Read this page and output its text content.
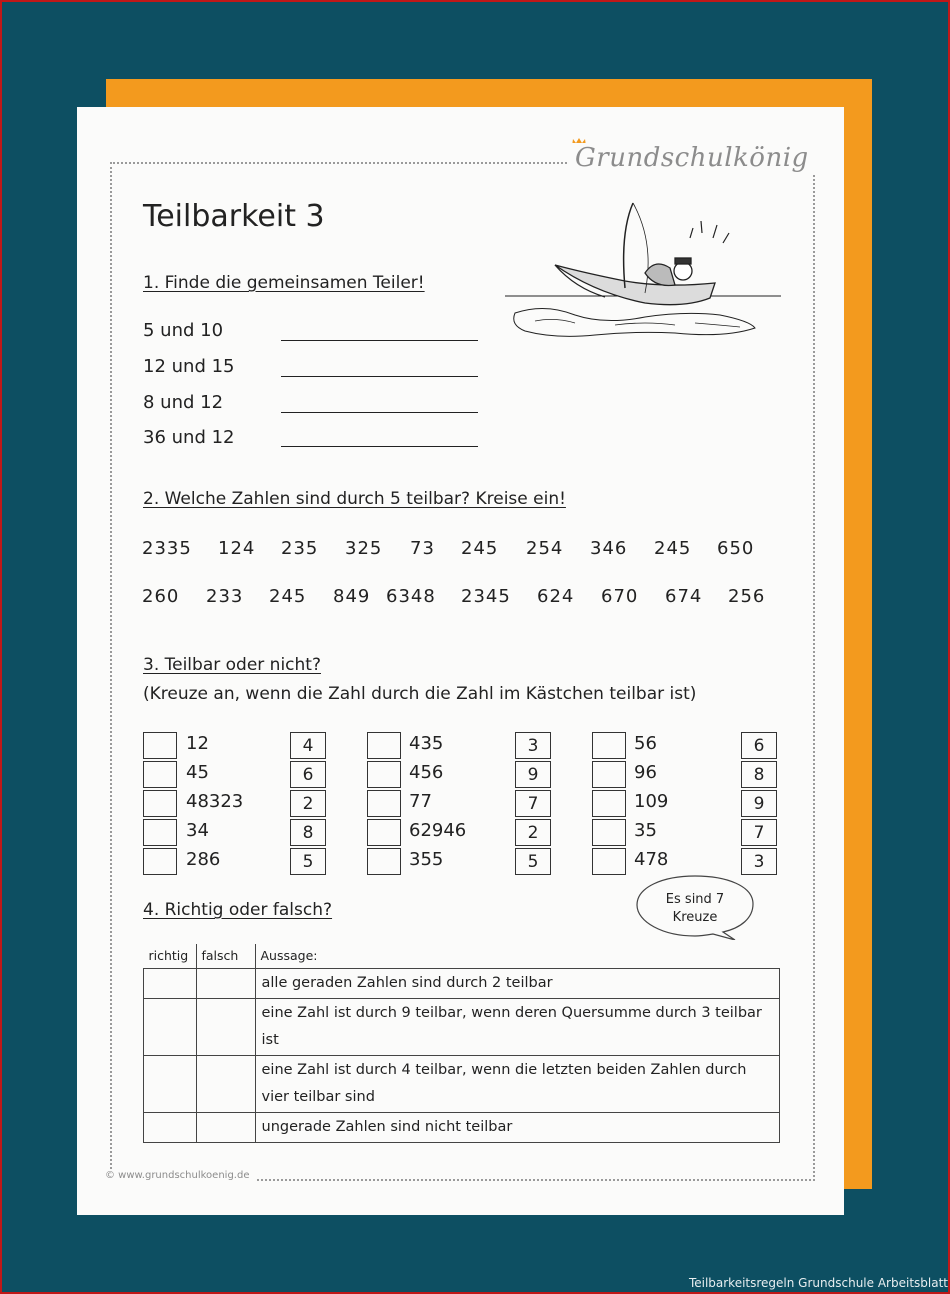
Grundschulkönig
Teilbarkeit 3
1. Finde die gemeinsamen Teiler!
5 und 10
12 und 15
8 und 12
36 und 12
2. Welche Zahlen sind durch 5 teilbar? Kreise ein!
2335 124 235 325 73 245 254 346 245 650
260 233 245 849 6348 2345 624 670 674 256
3. Teilbar oder nicht?
(Kreuze an, wenn die Zahl durch die Zahl im Kästchen teilbar ist)
12	4
45	6
48323	2
34	8
286	5
435	3
456	9
77	7
62946	2
355	5
56	6
96	8
109	9
35	7
478	3
4. Richtig oder falsch?
Es sind 7
Kreuze
richtig	falsch	Aussage:
		alle geraden Zahlen sind durch 2 teilbar
		eine Zahl ist durch 9 teilbar, wenn deren Quersumme durch 3 teilbar ist
		eine Zahl ist durch 4 teilbar, wenn die letzten beiden Zahlen durch vier teilbar sind
		ungerade Zahlen sind nicht teilbar
© www.grundschulkoenig.de
Teilbarkeitsregeln Grundschule Arbeitsblatt
